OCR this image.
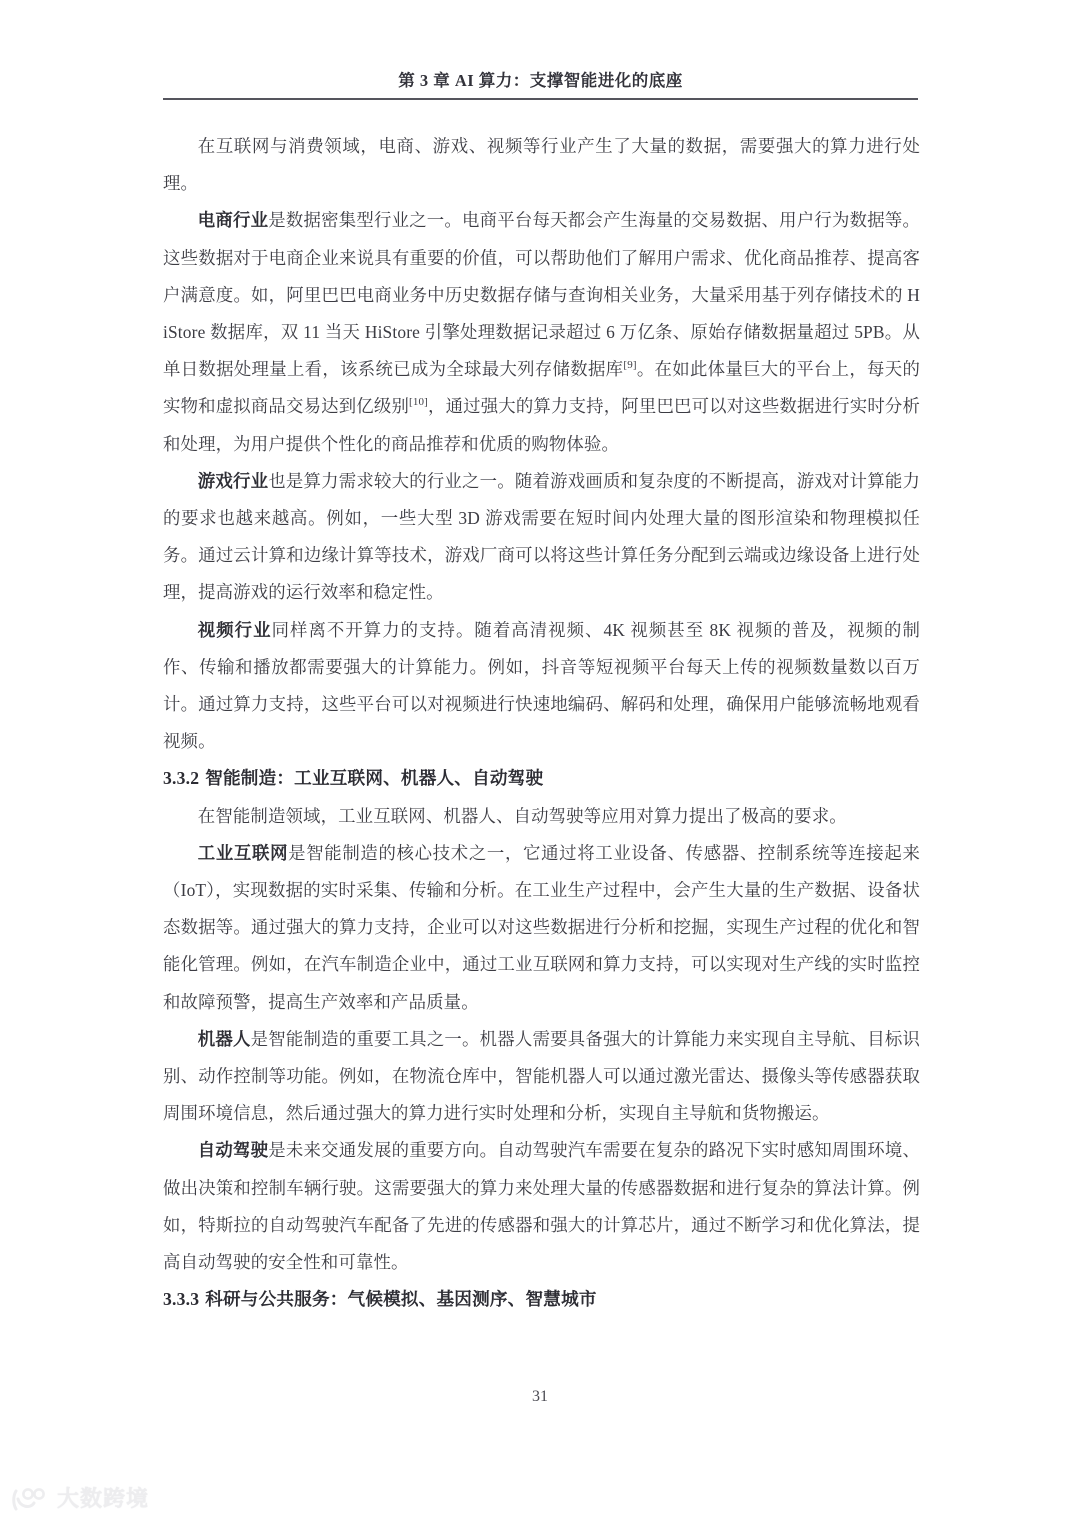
第 3 章 AI 算力：支撑智能进化的底座

在互联网与消费领域，电商、游戏、视频等行业产生了大量的数据，需要强大的算力进行处理。

电商行业是数据密集型行业之一。电商平台每天都会产生海量的交易数据、用户行为数据等。这些数据对于电商企业来说具有重要的价值，可以帮助他们了解用户需求、优化商品推荐、提高客户满意度。如，阿里巴巴电商业务中历史数据存储与查询相关业务，大量采用基于列存储技术的 HiStore 数据库，双 11 当天 HiStore 引擎处理数据记录超过 6 万亿条、原始存储数据量超过 5PB。从单日数据处理量上看，该系统已成为全球最大列存储数据库[9]。在如此体量巨大的平台上，每天的实物和虚拟商品交易达到亿级别[10]，通过强大的算力支持，阿里巴巴可以对这些数据进行实时分析和处理，为用户提供个性化的商品推荐和优质的购物体验。

游戏行业也是算力需求较大的行业之一。随着游戏画质和复杂度的不断提高，游戏对计算能力的要求也越来越高。例如，一些大型 3D 游戏需要在短时间内处理大量的图形渲染和物理模拟任务。通过云计算和边缘计算等技术，游戏厂商可以将这些计算任务分配到云端或边缘设备上进行处理，提高游戏的运行效率和稳定性。

视频行业同样离不开算力的支持。随着高清视频、4K 视频甚至 8K 视频的普及，视频的制作、传输和播放都需要强大的计算能力。例如，抖音等短视频平台每天上传的视频数量数以百万计。通过算力支持，这些平台可以对视频进行快速地编码、解码和处理，确保用户能够流畅地观看视频。

3.3.2 智能制造：工业互联网、机器人、自动驾驶

在智能制造领域，工业互联网、机器人、自动驾驶等应用对算力提出了极高的要求。

工业互联网是智能制造的核心技术之一，它通过将工业设备、传感器、控制系统等连接起来（IoT），实现数据的实时采集、传输和分析。在工业生产过程中，会产生大量的生产数据、设备状态数据等。通过强大的算力支持，企业可以对这些数据进行分析和挖掘，实现生产过程的优化和智能化管理。例如，在汽车制造企业中，通过工业互联网和算力支持，可以实现对生产线的实时监控和故障预警，提高生产效率和产品质量。

机器人是智能制造的重要工具之一。机器人需要具备强大的计算能力来实现自主导航、目标识别、动作控制等功能。例如，在物流仓库中，智能机器人可以通过激光雷达、摄像头等传感器获取周围环境信息，然后通过强大的算力进行实时处理和分析，实现自主导航和货物搬运。

自动驾驶是未来交通发展的重要方向。自动驾驶汽车需要在复杂的路况下实时感知周围环境、做出决策和控制车辆行驶。这需要强大的算力来处理大量的传感器数据和进行复杂的算法计算。例如，特斯拉的自动驾驶汽车配备了先进的传感器和强大的计算芯片，通过不断学习和优化算法，提高自动驾驶的安全性和可靠性。

3.3.3 科研与公共服务：气候模拟、基因测序、智慧城市
31
大数跨境
